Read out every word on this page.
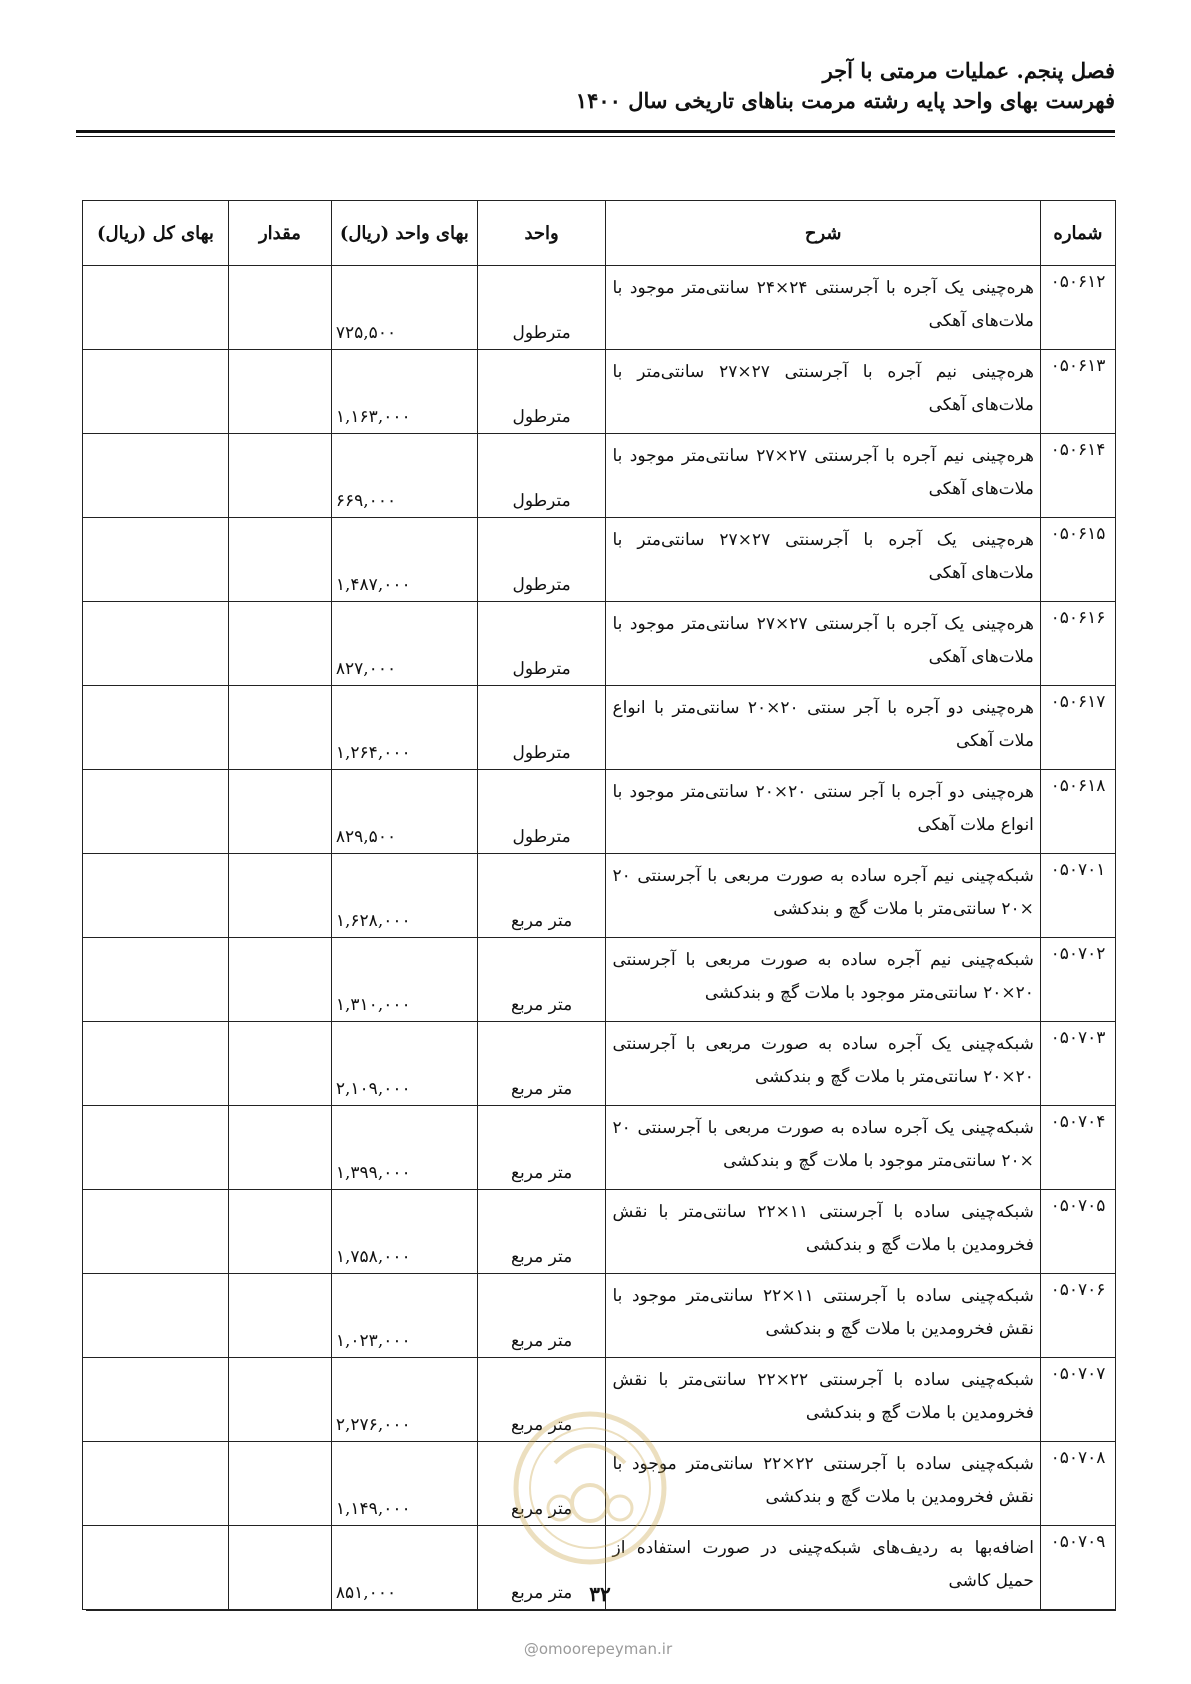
فصل پنجم. عملیات مرمتی با آجر
فهرست بهای واحد پایه رشته مرمت بناهای تاریخی سال ۱۴۰۰
شماره	شرح	واحد	بهای واحد (ریال)	مقدار	بهای کل (ریال)
۰۵۰۶۱۲	هره‌چینی یک آجره با آجرسنتی ۲۴×۲۴ سانتی‌متر موجود با ملات‌های آهکی	مترطول	۷۲۵,۵۰۰		
۰۵۰۶۱۳	هره‌چینی نیم آجره با آجرسنتی ۲۷×۲۷ سانتی‌متر با ملات‌های آهکی	مترطول	۱,۱۶۳,۰۰۰		
۰۵۰۶۱۴	هره‌چینی نیم آجره با آجرسنتی ۲۷×۲۷ سانتی‌متر موجود با ملات‌های آهکی	مترطول	۶۶۹,۰۰۰		
۰۵۰۶۱۵	هره‌چینی یک آجره با آجرسنتی ۲۷×۲۷ سانتی‌متر با ملات‌های آهکی	مترطول	۱,۴۸۷,۰۰۰		
۰۵۰۶۱۶	هره‌چینی یک آجره با آجرسنتی ۲۷×۲۷ سانتی‌متر موجود با ملات‌های آهکی	مترطول	۸۲۷,۰۰۰		
۰۵۰۶۱۷	هره‌چینی دو آجره با آجر سنتی ۲۰×۲۰ سانتی‌متر با انواع ملات آهکی	مترطول	۱,۲۶۴,۰۰۰		
۰۵۰۶۱۸	هره‌چینی دو آجره با آجر سنتی ۲۰×۲۰ سانتی‌متر موجود با انواع ملات آهکی	مترطول	۸۲۹,۵۰۰		
۰۵۰۷۰۱	شبکه‌چینی نیم آجره ساده به صورت مربعی با آجرسنتی ۲۰ ×۲۰ سانتی‌متر با ملات گچ و بندکشی	متر مربع	۱,۶۲۸,۰۰۰		
۰۵۰۷۰۲	شبکه‌چینی نیم آجره ساده به صورت مربعی با آجرسنتی ۲۰×۲۰ سانتی‌متر موجود با ملات گچ و بندکشی	متر مربع	۱,۳۱۰,۰۰۰		
۰۵۰۷۰۳	شبکه‌چینی یک آجره ساده به صورت مربعی با آجرسنتی ۲۰×۲۰ سانتی‌متر با ملات گچ و بندکشی	متر مربع	۲,۱۰۹,۰۰۰		
۰۵۰۷۰۴	شبکه‌چینی یک آجره ساده به صورت مربعی با آجرسنتی ۲۰ ×۲۰ سانتی‌متر موجود با ملات گچ و بندکشی	متر مربع	۱,۳۹۹,۰۰۰		
۰۵۰۷۰۵	شبکه‌چینی ساده با آجرسنتی ۱۱×۲۲ سانتی‌متر با نقش فخرومدین با ملات گچ و بندکشی	متر مربع	۱,۷۵۸,۰۰۰		
۰۵۰۷۰۶	شبکه‌چینی ساده با آجرسنتی ۱۱×۲۲ سانتی‌متر موجود با نقش فخرومدین با ملات گچ و بندکشی	متر مربع	۱,۰۲۳,۰۰۰		
۰۵۰۷۰۷	شبکه‌چینی ساده با آجرسنتی ۲۲×۲۲ سانتی‌متر با نقش فخرومدین با ملات گچ و بندکشی	متر مربع	۲,۲۷۶,۰۰۰		
۰۵۰۷۰۸	شبکه‌چینی ساده با آجرسنتی ۲۲×۲۲ سانتی‌متر موجود با نقش فخرومدین با ملات گچ و بندکشی	متر مربع	۱,۱۴۹,۰۰۰		
۰۵۰۷۰۹	اضافه‌بها به ردیف‌های شبکه‌چینی در صورت استفاده از حمیل کاشی	متر مربع	۸۵۱,۰۰۰			۳۲
@omoorepeyman.ir
